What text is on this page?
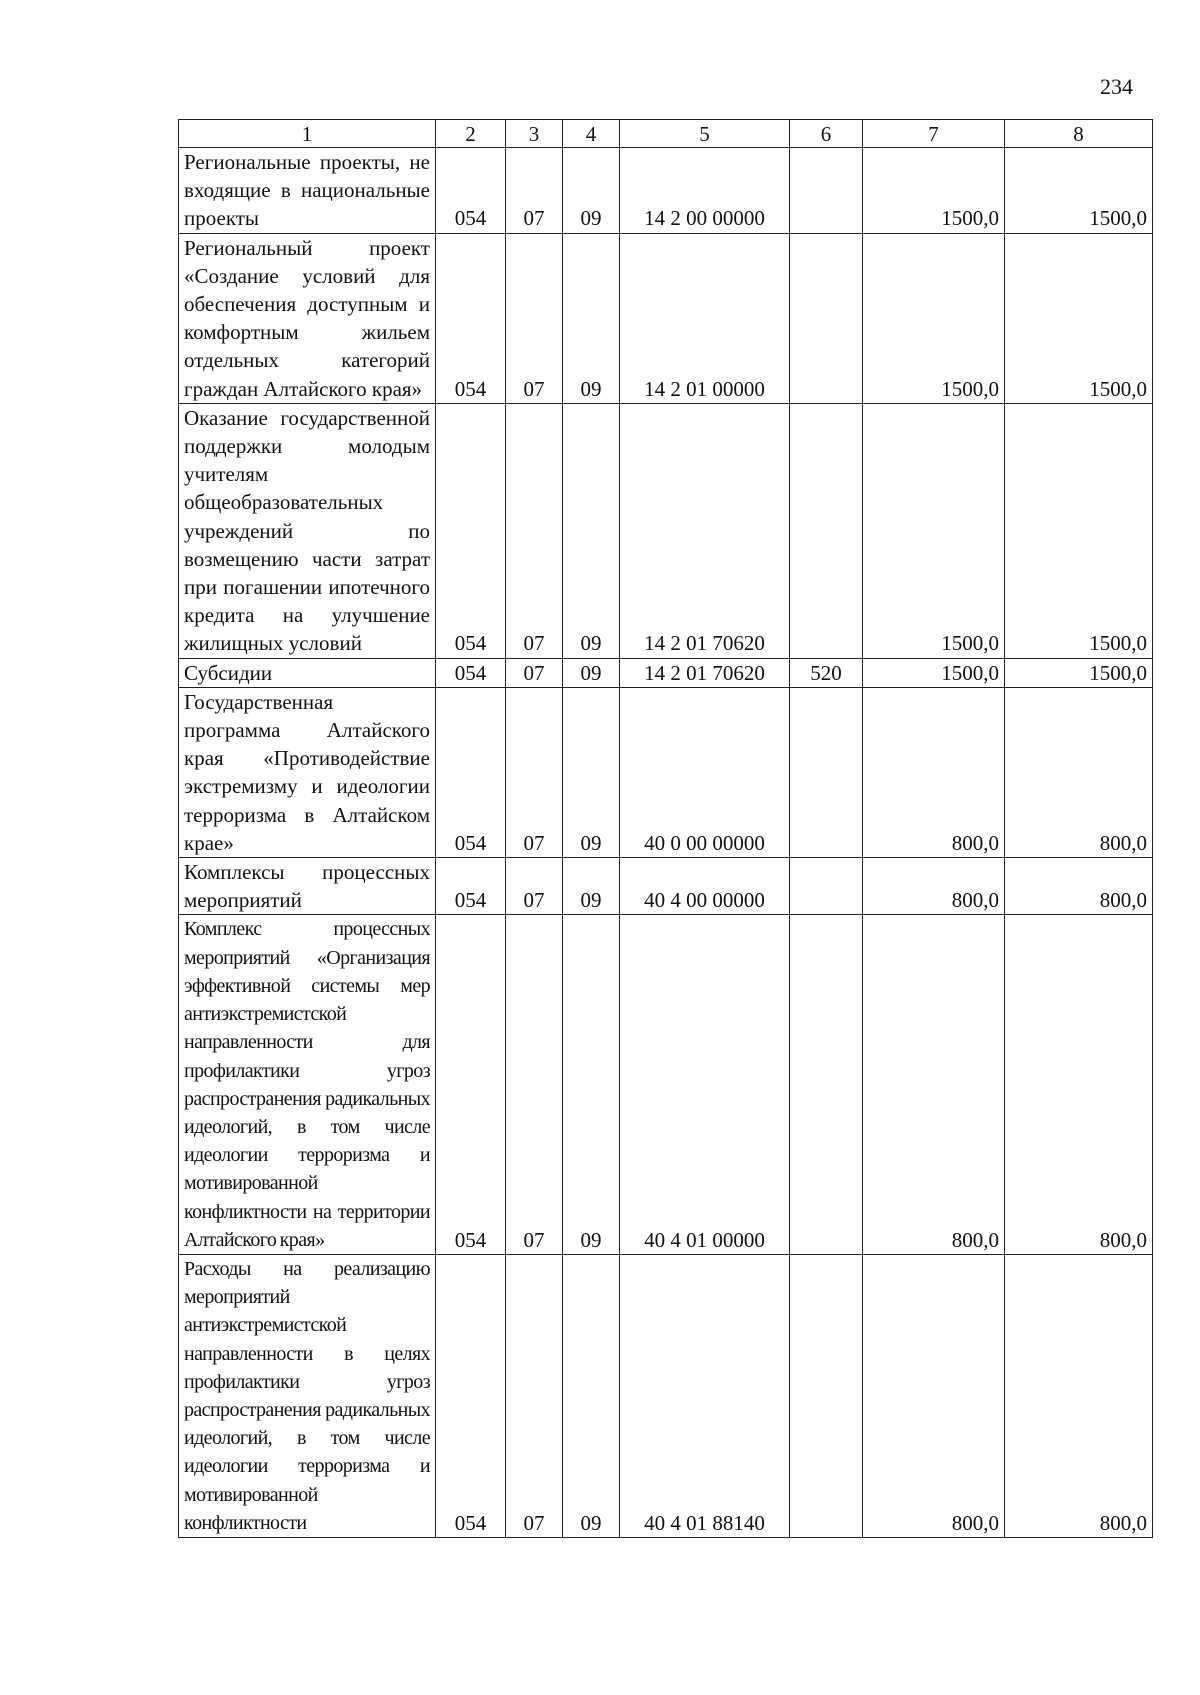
234
1	2	3	4	5	6	7	8
Региональные проекты, не входящие в национальные проекты	054	07	09	14 2 00 00000		1500,0	1500,0
Региональный проект «Создание условий для обеспечения доступным и комфортным жильем отдельных категорий граждан Алтайского края»	054	07	09	14 2 01 00000		1500,0	1500,0
Оказание государственной поддержки молодым учителям общеобразовательных учреждений по возмещению части затрат при погашении ипотечного кредита на улучшение жилищных условий	054	07	09	14 2 01 70620		1500,0	1500,0
Субсидии	054	07	09	14 2 01 70620	520	1500,0	1500,0
Государственная программа Алтайского края «Противодействие экстремизму и идеологии терроризма в Алтайском крае»	054	07	09	40 0 00 00000		800,0	800,0
Комплексы процессных мероприятий	054	07	09	40 4 00 00000		800,0	800,0
Комплекс процессных мероприятий «Организация эффективной системы мер антиэкстремистской направленности для профилактики угроз распространения радикальных идеологий, в том числе идеологии терроризма и мотивированной конфликтности на территории Алтайского края»	054	07	09	40 4 01 00000		800,0	800,0
Расходы на реализацию мероприятий антиэкстремистской направленности в целях профилактики угроз распространения радикальных идеологий, в том числе идеологии терроризма и мотивированной конфликтности	054	07	09	40 4 01 88140		800,0	800,0
